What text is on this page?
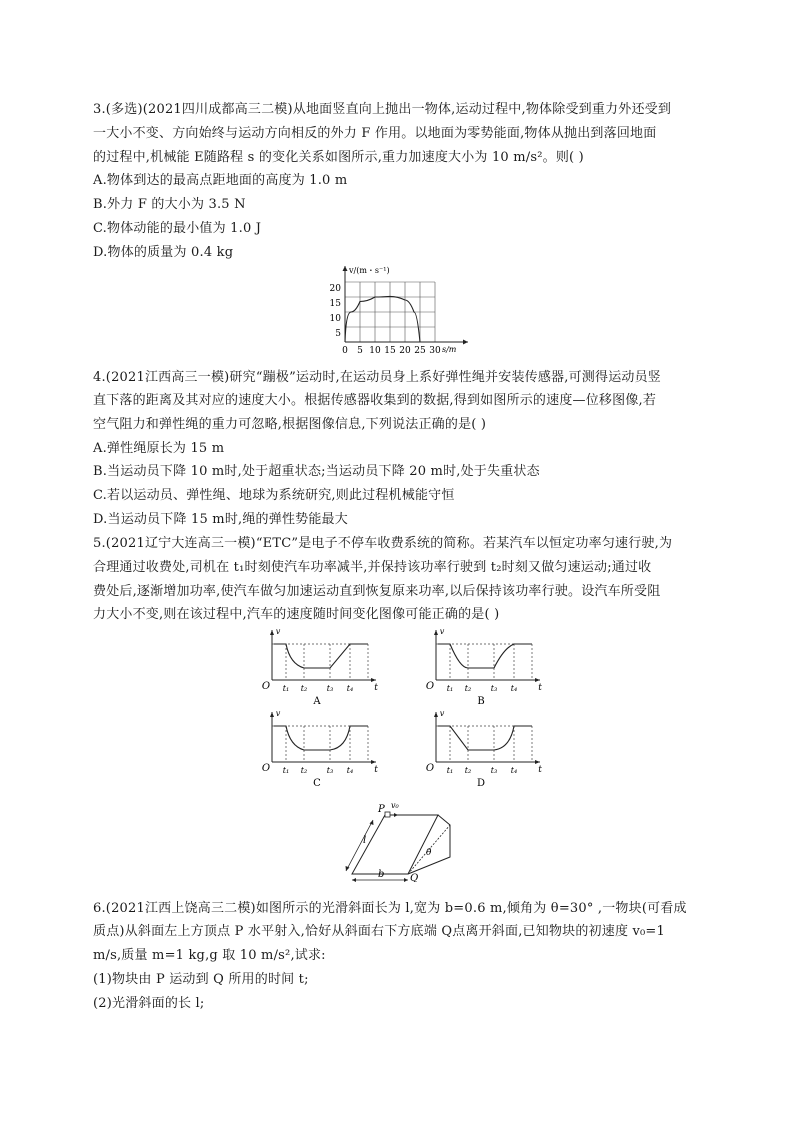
3.(多选)(2021四川成都高三二模)从地面竖直向上抛出一物体,运动过程中,物体除受到重力外还受到
一大小不变、方向始终与运动方向相反的外力 F 作用。以地面为零势能面,物体从抛出到落回地面
的过程中,机械能 E随路程 s 的变化关系如图所示,重力加速度大小为 10 m/s²。则( )
A.物体到达的最高点距地面的高度为 1.0 m
B.外力 F 的大小为 3.5 N
C.物体动能的最小值为 1.0 J
D.物体的质量为 0.4 kg
v/(m・s⁻¹)
s/m
20
15
10
5
0 5 10 15 20 25 30
4.(2021江西高三一模)研究“蹦极”运动时,在运动员身上系好弹性绳并安装传感器,可测得运动员竖
直下落的距离及其对应的速度大小。根据传感器收集到的数据,得到如图所示的速度—位移图像,若
空气阻力和弹性绳的重力可忽略,根据图像信息,下列说法正确的是( )
A.弹性绳原长为 15 m
B.当运动员下降 10 m时,处于超重状态;当运动员下降 20 m时,处于失重状态
C.若以运动员、弹性绳、地球为系统研究,则此过程机械能守恒
D.当运动员下降 15 m时,绳的弹性势能最大
5.(2021辽宁大连高三一模)“ETC”是电子不停车收费系统的简称。若某汽车以恒定功率匀速行驶,为
合理通过收费处,司机在 t₁时刻使汽车功率减半,并保持该功率行驶到 t₂时刻又做匀速运动;通过收
费处后,逐渐增加功率,使汽车做匀加速运动直到恢复原来功率,以后保持该功率行驶。设汽车所受阻
力大小不变,则在该过程中,汽车的速度随时间变化图像可能正确的是( )
v
O	t
t₁ t₂ t₃ t₄
A
v
O	t
t₁ t₂ t₃ t₄
B
v
O	t
t₁ t₂ t₃ t₄
C
v
O	t
t₁ t₂ t₃ t₄
D
P v₀
l
b	Q
θ
6.(2021江西上饶高三二模)如图所示的光滑斜面长为 l,宽为 b=0.6 m,倾角为 θ=30° ,一物块(可看成
质点)从斜面左上方顶点 P 水平射入,恰好从斜面右下方底端 Q点离开斜面,已知物块的初速度 v₀=1
m/s,质量 m=1 kg,g 取 10 m/s²,试求:
(1)物块由 P 运动到 Q 所用的时间 t;
(2)光滑斜面的长 l;
